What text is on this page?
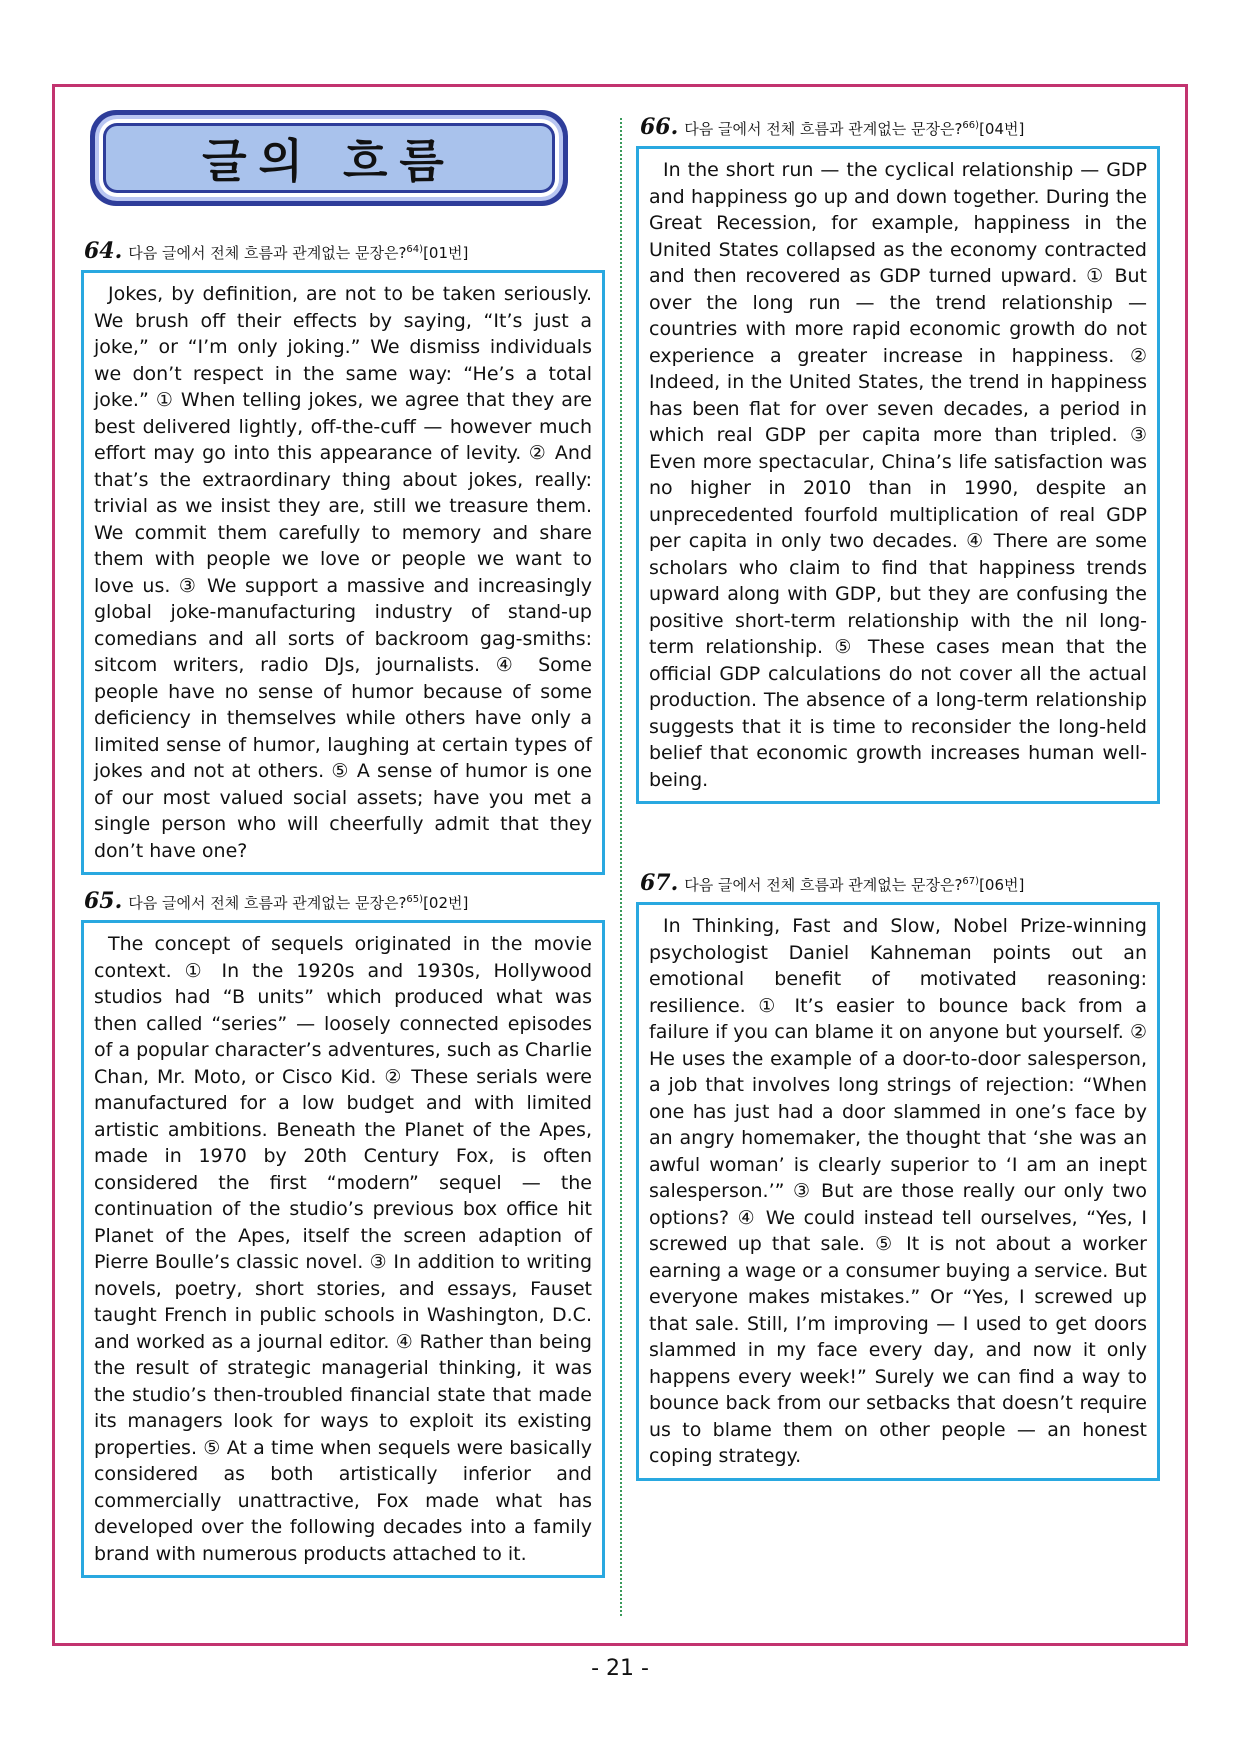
글의 흐름
64. 다음 글에서 전체 흐름과 관계없는 문장은?$^{64)}$[01번]

Jokes, by definition, are not to be taken seriously. We brush off their effects by saying, “It’s just a joke,” or “I’m only joking.” We dismiss individuals we don’t respect in the same way: “He’s a total joke.” ① When telling jokes, we agree that they are best delivered lightly, off-the-cuff — however much effort may go into this appearance of levity. ② And that’s the extraordinary thing about jokes, really: trivial as we insist they are, still we treasure them. We commit them carefully to memory and share them with people we love or people we want to love us. ③ We support a massive and increasingly global joke-manufacturing industry of stand-up comedians and all sorts of backroom gag-smiths: sitcom writers, radio DJs, journalists. ④ Some people have no sense of humor because of some deficiency in themselves while others have only a limited sense of humor, laughing at certain types of jokes and not at others. ⑤ A sense of humor is one of our most valued social assets; have you met a single person who will cheerfully admit that they don’t have one?

65. 다음 글에서 전체 흐름과 관계없는 문장은?$^{65)}$[02번]

The concept of sequels originated in the movie context. ① In the 1920s and 1930s, Hollywood studios had “B units” which produced what was then called “series” — loosely connected episodes of a popular character’s adventures, such as Charlie Chan, Mr. Moto, or Cisco Kid. ② These serials were manufactured for a low budget and with limited artistic ambitions. Beneath the Planet of the Apes, made in 1970 by 20th Century Fox, is often considered the first “modern” sequel — the continuation of the studio’s previous box office hit Planet of the Apes, itself the screen adaption of Pierre Boulle’s classic novel. ③ In addition to writing novels, poetry, short stories, and essays, Fauset taught French in public schools in Washington, D.C. and worked as a journal editor. ④ Rather than being the result of strategic managerial thinking, it was the studio’s then-troubled financial state that made its managers look for ways to exploit its existing properties. ⑤ At a time when sequels were basically considered as both artistically inferior and commercially unattractive, Fox made what has developed over the following decades into a family brand with numerous products attached to it.

66. 다음 글에서 전체 흐름과 관계없는 문장은?$^{66)}$[04번]

In the short run — the cyclical relationship — GDP and happiness go up and down together. During the Great Recession, for example, happiness in the United States collapsed as the economy contracted and then recovered as GDP turned upward. ① But over the long run — the trend relationship — countries with more rapid economic growth do not experience a greater increase in happiness. ② Indeed, in the United States, the trend in happiness has been flat for over seven decades, a period in which real GDP per capita more than tripled. ③ Even more spectacular, China’s life satisfaction was no higher in 2010 than in 1990, despite an unprecedented fourfold multiplication of real GDP per capita in only two decades. ④ There are some scholars who claim to find that happiness trends upward along with GDP, but they are confusing the positive short-term relationship with the nil long-term relationship. ⑤ These cases mean that the official GDP calculations do not cover all the actual production. The absence of a long-term relationship suggests that it is time to reconsider the long-held belief that economic growth increases human well-being.

67. 다음 글에서 전체 흐름과 관계없는 문장은?$^{67)}$[06번]

In Thinking, Fast and Slow, Nobel Prize-winning psychologist Daniel Kahneman points out an emotional benefit of motivated reasoning: resilience. ① It’s easier to bounce back from a failure if you can blame it on anyone but yourself. ② He uses the example of a door-to-door salesperson, a job that involves long strings of rejection: “When one has just had a door slammed in one’s face by an angry homemaker, the thought that ‘she was an awful woman’ is clearly superior to ‘I am an inept salesperson.’” ③ But are those really our only two options? ④ We could instead tell ourselves, “Yes, I screwed up that sale. ⑤ It is not about a worker earning a wage or a consumer buying a service. But everyone makes mistakes.” Or “Yes, I screwed up that sale. Still, I’m improving — I used to get doors slammed in my face every day, and now it only happens every week!” Surely we can find a way to bounce back from our setbacks that doesn’t require us to blame them on other people — an honest coping strategy.

- 21 -
